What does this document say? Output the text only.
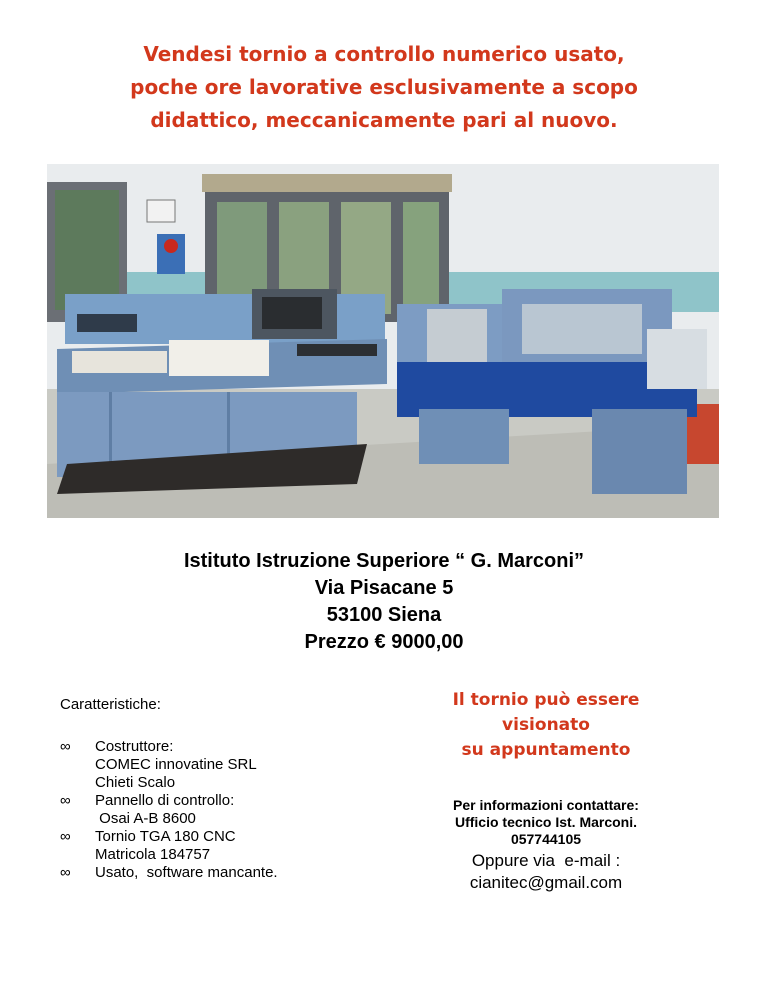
Vendesi tornio a controllo numerico usato,
poche ore lavorative esclusivamente a scopo
didattico, meccanicamente pari al nuovo.
Istituto Istruzione Superiore “ G. Marconi”
Via Pisacane 5
53100 Siena
Prezzo € 9000,00
Caratteristiche:
∞	Costruttore:
COMEC innovatine SRL
Chieti Scalo
∞	Pannello di controllo:
Osai A-B 8600
∞	Tornio TGA 180 CNC
Matricola 184757
∞	Usato,  software mancante.
Il tornio può essere
visionato
su appuntamento
Per informazioni contattare:
Ufficio tecnico Ist. Marconi.
057744105
Oppure via  e-mail :
cianitec@gmail.com
